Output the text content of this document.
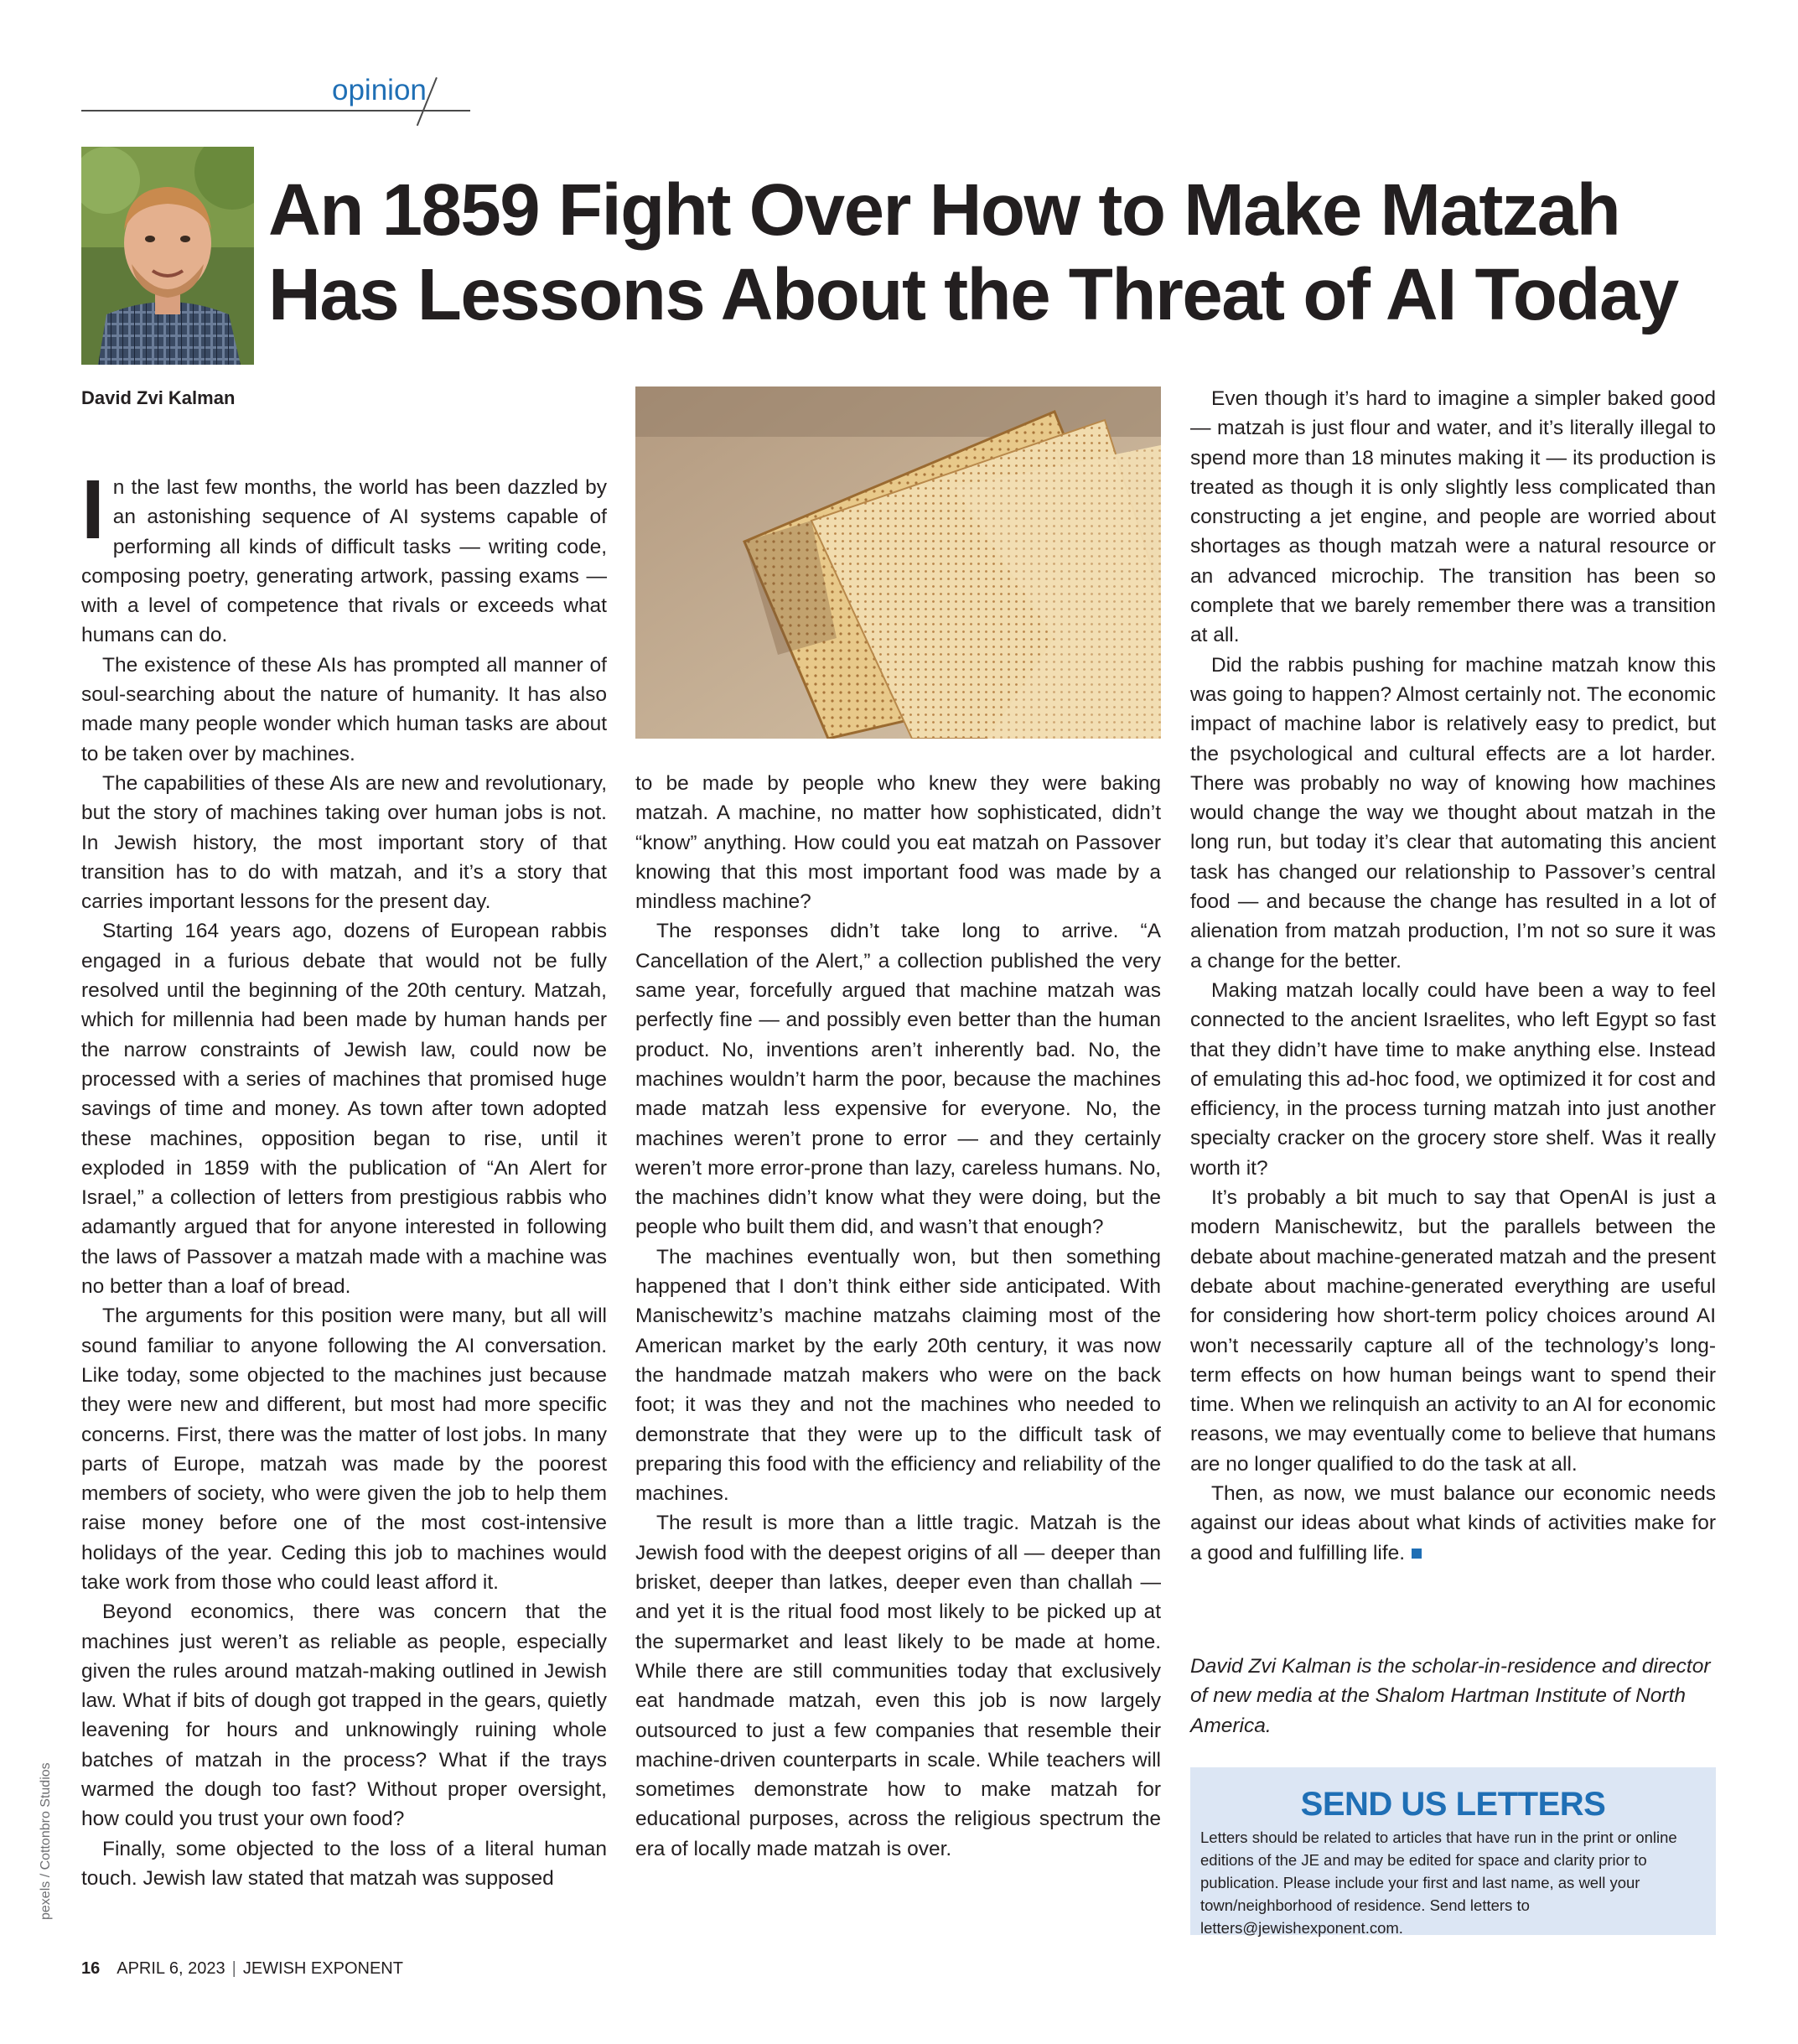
opinion
An 1859 Fight Over How to Make Matzah
Has Lessons About the Threat of AI Today
David Zvi Kalman

In the last few months, the world has been dazzled by an astonishing sequence of AI systems capable of performing all kinds of difficult tasks — writing code, composing poetry, generating artwork, passing exams — with a level of competence that rivals or exceeds what humans can do.

The existence of these AIs has prompted all manner of soul-searching about the nature of humanity. It has also made many people wonder which human tasks are about to be taken over by machines.

The capabilities of these AIs are new and revolutionary, but the story of machines taking over human jobs is not. In Jewish history, the most important story of that transition has to do with matzah, and it’s a story that carries important lessons for the present day.

Starting 164 years ago, dozens of European rabbis engaged in a furious debate that would not be fully resolved until the beginning of the 20th century. Matzah, which for millennia had been made by human hands per the narrow constraints of Jewish law, could now be processed with a series of machines that promised huge savings of time and money. As town after town adopted these machines, opposition began to rise, until it exploded in 1859 with the publication of “An Alert for Israel,” a collection of letters from prestigious rabbis who adamantly argued that for anyone interested in following the laws of Passover a matzah made with a machine was no better than a loaf of bread.

The arguments for this position were many, but all will sound familiar to anyone following the AI conversation. Like today, some objected to the machines just because they were new and different, but most had more specific concerns. First, there was the matter of lost jobs. In many parts of Europe, matzah was made by the poorest members of society, who were given the job to help them raise money before one of the most cost-intensive holidays of the year. Ceding this job to machines would take work from those who could least afford it.

Beyond economics, there was concern that the machines just weren’t as reliable as people, especially given the rules around matzah-making outlined in Jewish law. What if bits of dough got trapped in the gears, quietly leavening for hours and unknowingly ruining whole batches of matzah in the process? What if the trays warmed the dough too fast? Without proper oversight, how could you trust your own food?

Finally, some objected to the loss of a literal human touch. Jewish law stated that matzah was supposed

to be made by people who knew they were baking matzah. A machine, no matter how sophisticated, didn’t “know” anything. How could you eat matzah on Passover knowing that this most important food was made by a mindless machine?

The responses didn’t take long to arrive. “A Cancellation of the Alert,” a collection published the very same year, forcefully argued that machine matzah was perfectly fine — and possibly even better than the human product. No, inventions aren’t inherently bad. No, the machines wouldn’t harm the poor, because the machines made matzah less expensive for everyone. No, the machines weren’t prone to error — and they certainly weren’t more error-prone than lazy, careless humans. No, the machines didn’t know what they were doing, but the people who built them did, and wasn’t that enough?

The machines eventually won, but then something happened that I don’t think either side anticipated. With Manischewitz’s machine matzahs claiming most of the American market by the early 20th century, it was now the handmade matzah makers who were on the back foot; it was they and not the machines who needed to demonstrate that they were up to the difficult task of preparing this food with the efficiency and reliability of the machines.

The result is more than a little tragic. Matzah is the Jewish food with the deepest origins of all — deeper than brisket, deeper than latkes, deeper even than challah — and yet it is the ritual food most likely to be picked up at the supermarket and least likely to be made at home. While there are still communities today that exclusively eat handmade matzah, even this job is now largely outsourced to just a few companies that resemble their machine-driven counterparts in scale. While teachers will sometimes demonstrate how to make matzah for educational purposes, across the religious spectrum the era of locally made matzah is over.

Even though it’s hard to imagine a simpler baked good — matzah is just flour and water, and it’s literally illegal to spend more than 18 minutes making it — its production is treated as though it is only slightly less complicated than constructing a jet engine, and people are worried about shortages as though matzah were a natural resource or an advanced microchip. The transition has been so complete that we barely remember there was a transition at all.

Did the rabbis pushing for machine matzah know this was going to happen? Almost certainly not. The economic impact of machine labor is relatively easy to predict, but the psychological and cultural effects are a lot harder. There was probably no way of knowing how machines would change the way we thought about matzah in the long run, but today it’s clear that automating this ancient task has changed our relationship to Passover’s central food — and because the change has resulted in a lot of alienation from matzah production, I’m not so sure it was a change for the better.

Making matzah locally could have been a way to feel connected to the ancient Israelites, who left Egypt so fast that they didn’t have time to make anything else. Instead of emulating this ad-hoc food, we optimized it for cost and efficiency, in the process turning matzah into just another specialty cracker on the grocery store shelf. Was it really worth it?

It’s probably a bit much to say that OpenAI is just a modern Manischewitz, but the parallels between the debate about machine-generated matzah and the present debate about machine-generated everything are useful for considering how short-term policy choices around AI won’t necessarily capture all of the technology’s long-term effects on how human beings want to spend their time. When we relinquish an activity to an AI for economic reasons, we may eventually come to believe that humans are no longer qualified to do the task at all.

Then, as now, we must balance our economic needs against our ideas about what kinds of activities make for a good and fulfilling life.

David Zvi Kalman is the scholar-in-residence and director of new media at the Shalom Hartman Institute of North America.
SEND US LETTERS
Letters should be related to articles that have run in the print or online editions of the JE and may be edited for space and clarity prior to publication. Please include your first and last name, as well your town/neighborhood of residence. Send letters to letters@jewishexponent.com.
pexels / Cottonbro Studios
16 APRIL 6, 2023 | JEWISH EXPONENT
